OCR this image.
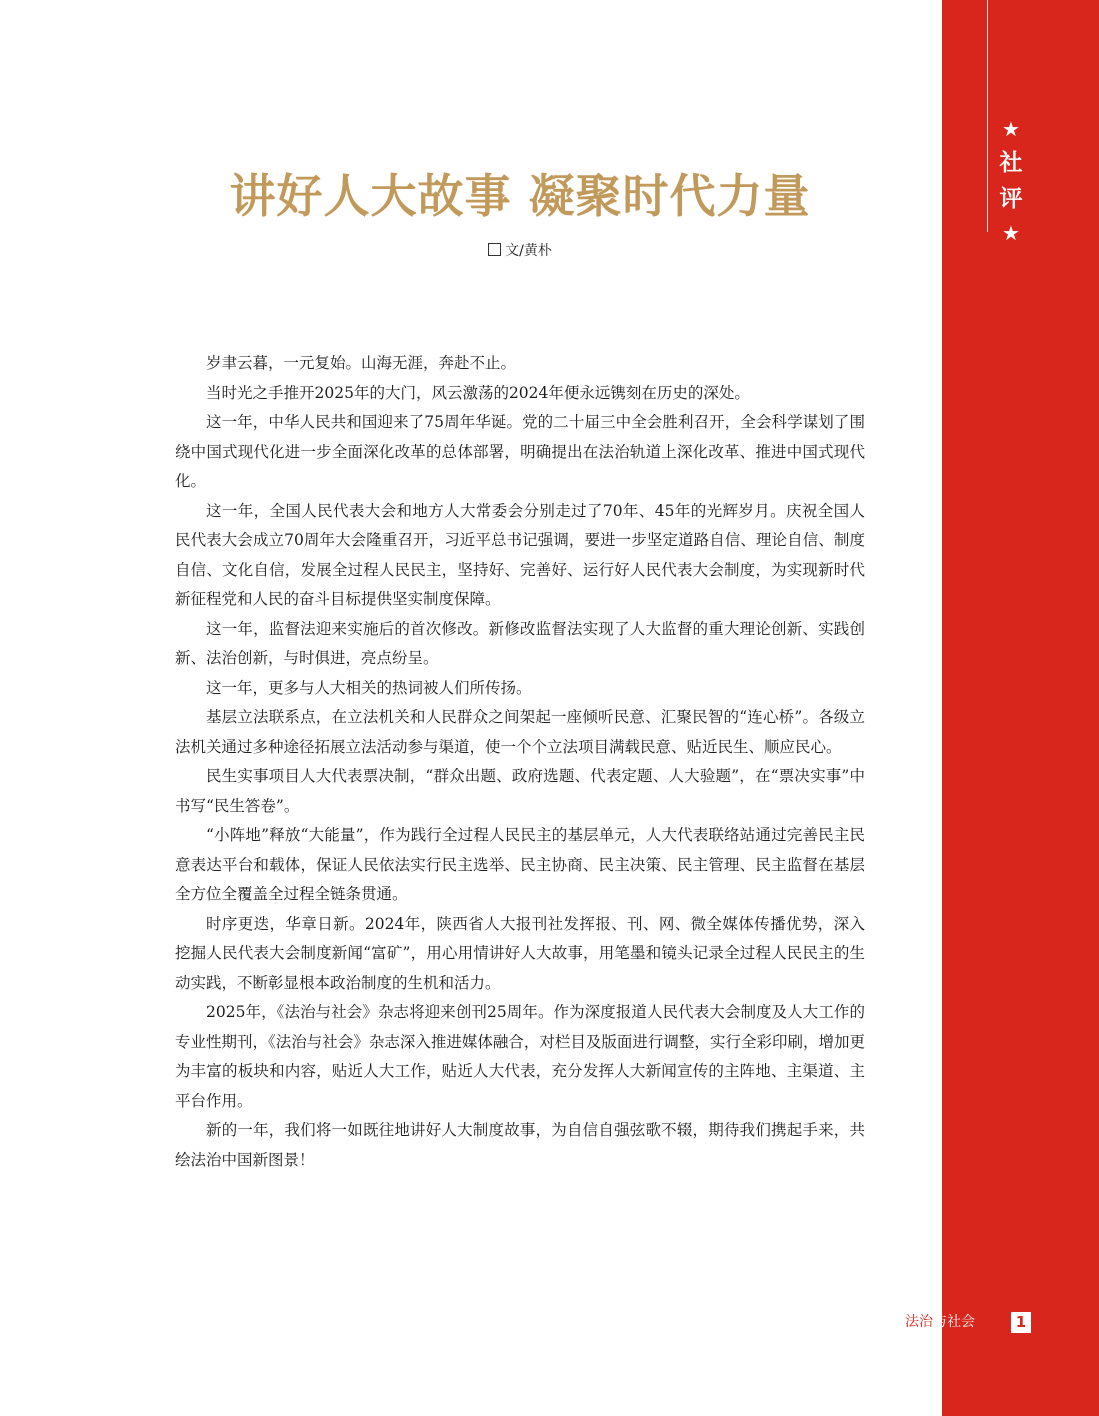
★
社
评
★
讲好人大故事 凝聚时代力量
文/黄朴

岁聿云暮，一元复始。山海无涯，奔赴不止。

当时光之手推开2025年的大门，风云激荡的2024年便永远镌刻在历史的深处。

这一年，中华人民共和国迎来了75周年华诞。党的二十届三中全会胜利召开，全会科学谋划了围绕中国式现代化进一步全面深化改革的总体部署，明确提出在法治轨道上深化改革、推进中国式现代化。

这一年，全国人民代表大会和地方人大常委会分别走过了70年、45年的光辉岁月。庆祝全国人民代表大会成立70周年大会隆重召开，习近平总书记强调，要进一步坚定道路自信、理论自信、制度自信、文化自信，发展全过程人民民主，坚持好、完善好、运行好人民代表大会制度，为实现新时代新征程党和人民的奋斗目标提供坚实制度保障。

这一年，监督法迎来实施后的首次修改。新修改监督法实现了人大监督的重大理论创新、实践创新、法治创新，与时俱进，亮点纷呈。

这一年，更多与人大相关的热词被人们所传扬。

基层立法联系点，在立法机关和人民群众之间架起一座倾听民意、汇聚民智的“连心桥”。各级立法机关通过多种途径拓展立法活动参与渠道，使一个个立法项目满载民意、贴近民生、顺应民心。

民生实事项目人大代表票决制，“群众出题、政府选题、代表定题、人大验题”，在“票决实事”中书写“民生答卷”。

“小阵地”释放“大能量”，作为践行全过程人民民主的基层单元，人大代表联络站通过完善民主民意表达平台和载体，保证人民依法实行民主选举、民主协商、民主决策、民主管理、民主监督在基层全方位全覆盖全过程全链条贯通。

时序更迭，华章日新。2024年，陕西省人大报刊社发挥报、刊、网、微全媒体传播优势，深入挖掘人民代表大会制度新闻“富矿”，用心用情讲好人大故事，用笔墨和镜头记录全过程人民民主的生动实践，不断彰显根本政治制度的生机和活力。

2025年，《法治与社会》杂志将迎来创刊25周年。作为深度报道人民代表大会制度及人大工作的专业性期刊，《法治与社会》杂志深入推进媒体融合，对栏目及版面进行调整，实行全彩印刷，增加更为丰富的板块和内容，贴近人大工作，贴近人大代表，充分发挥人大新闻宣传的主阵地、主渠道、主平台作用。

新的一年，我们将一如既往地讲好人大制度故事，为自信自强弦歌不辍，期待我们携起手来，共绘法治中国新图景！

法治与社会	1
